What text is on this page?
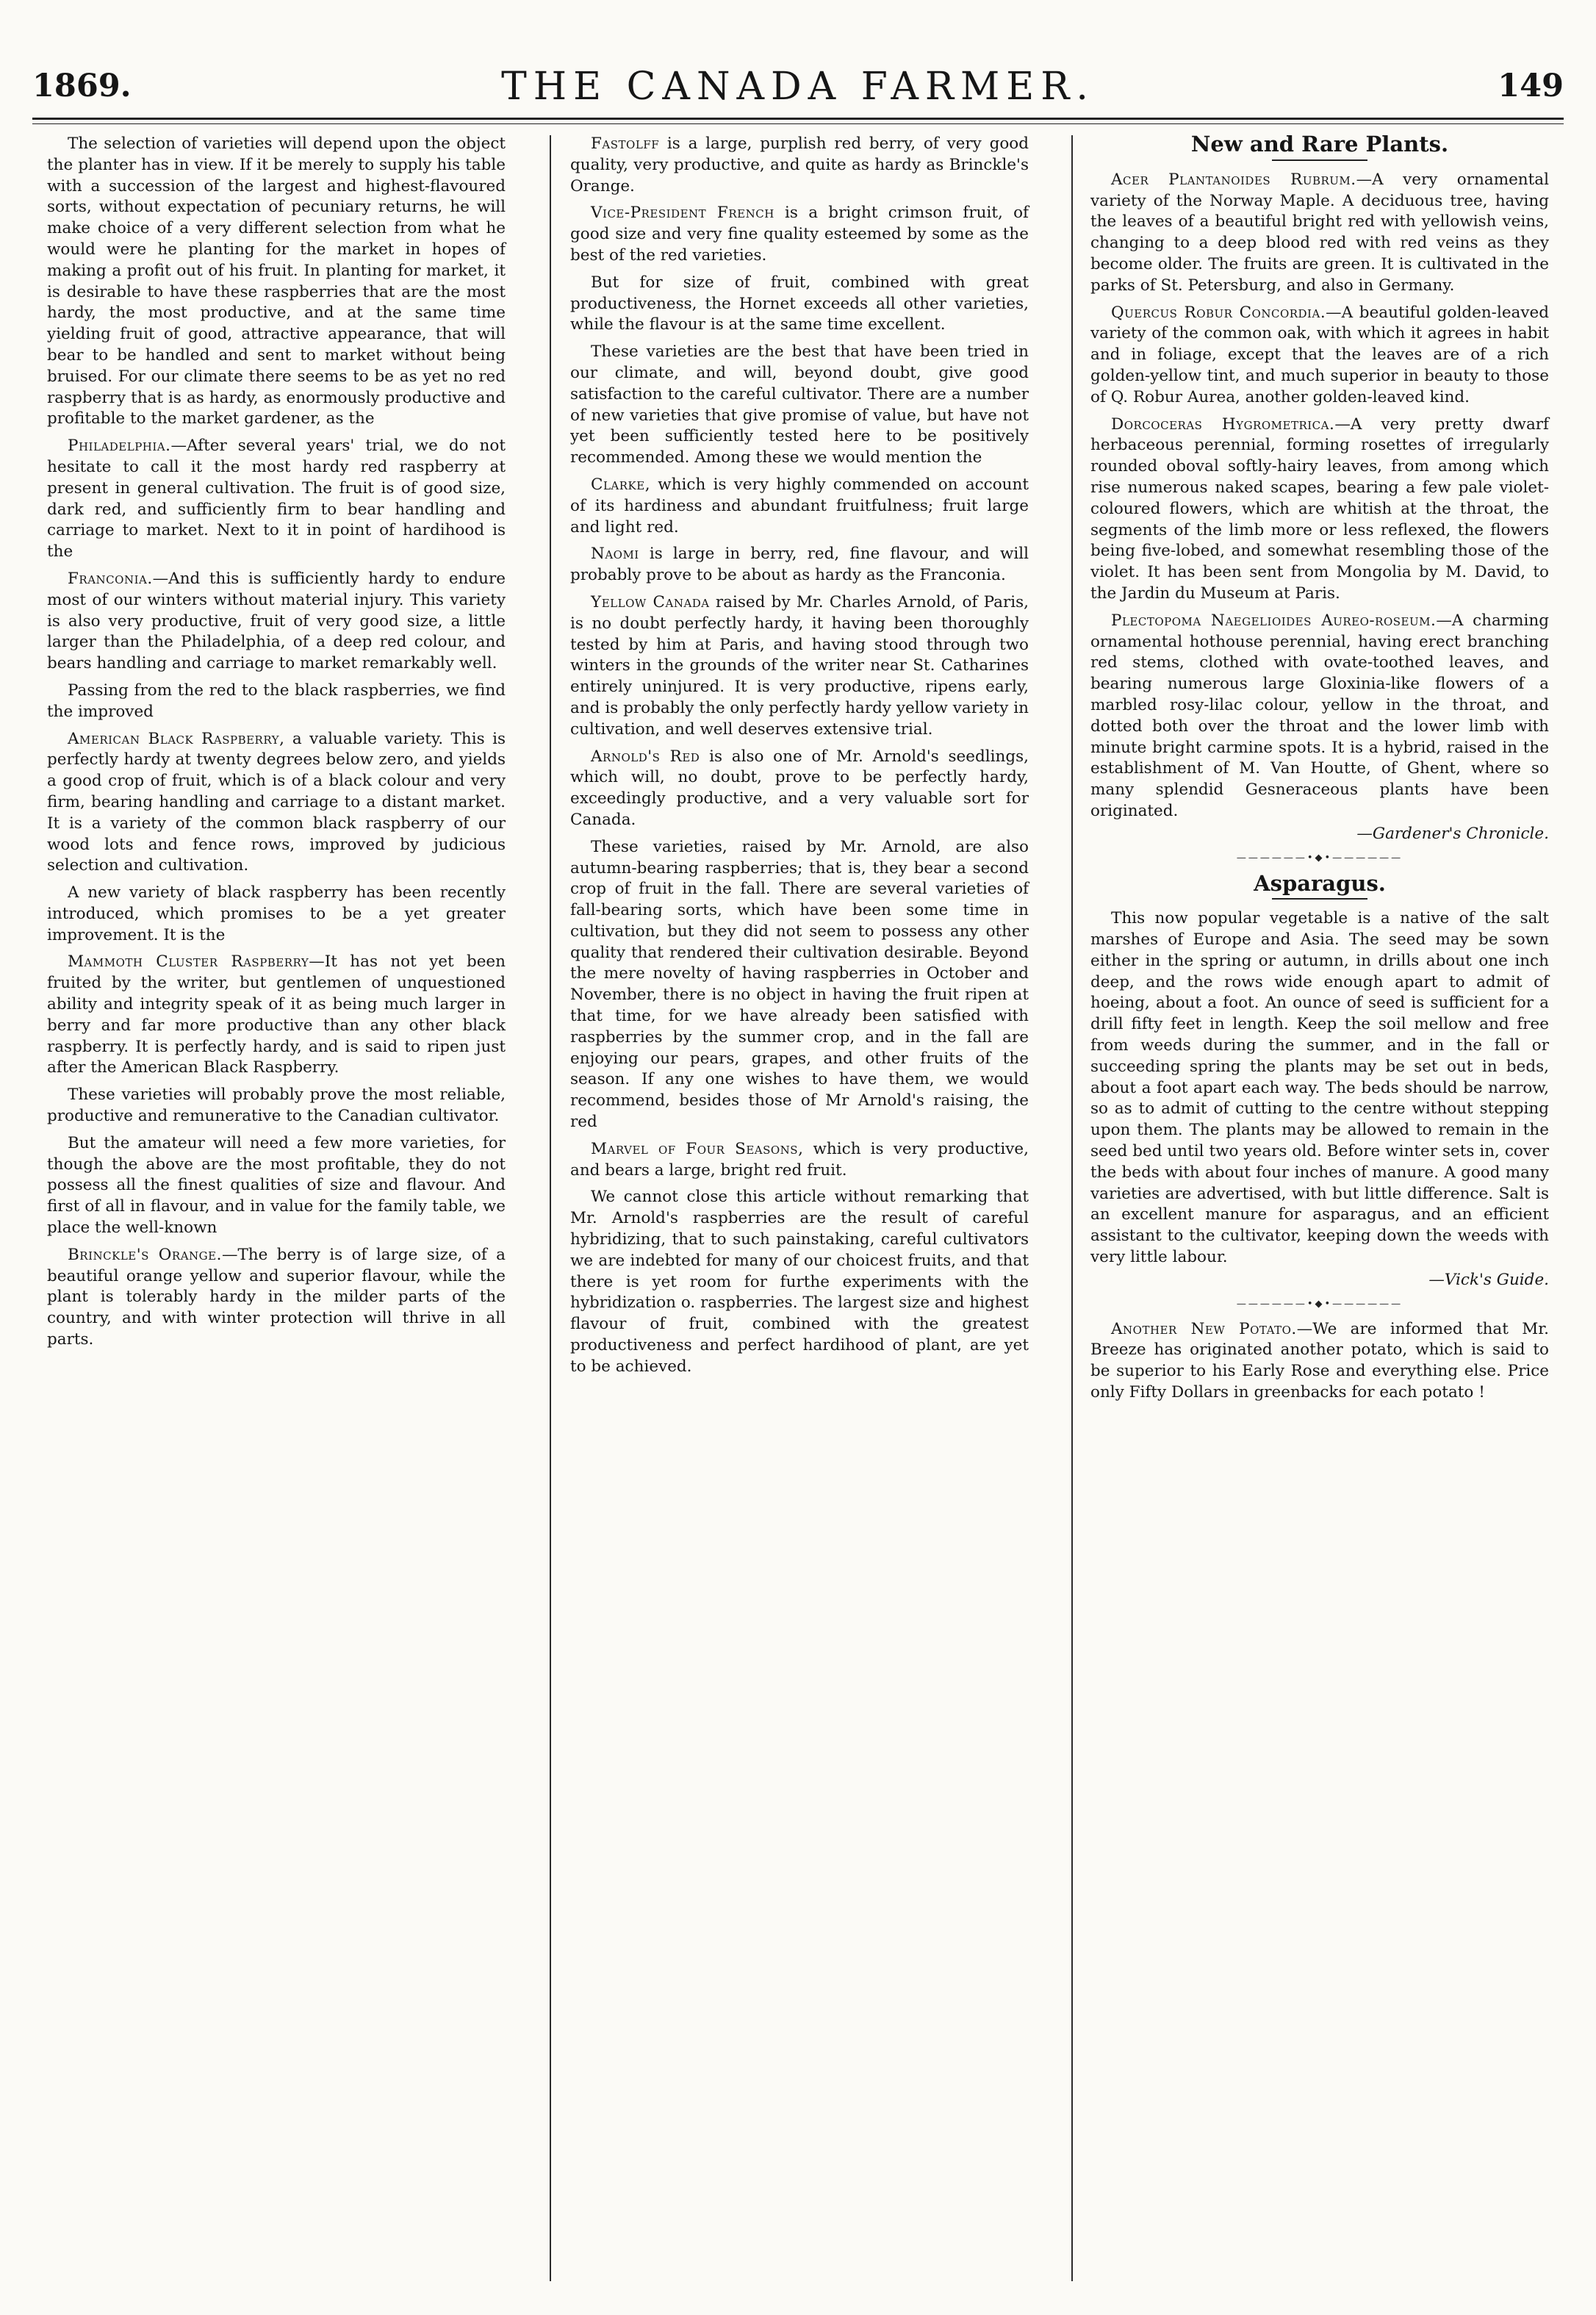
1869.	THE CANADA FARMER.	149

The selection of varieties will depend upon the object the planter has in view. If it be merely to supply his table with a succession of the largest and highest-flavoured sorts, without expectation of pecuniary returns, he will make choice of a very different selection from what he would were he planting for the market in hopes of making a profit out of his fruit. In planting for market, it is desirable to have these raspberries that are the most hardy, the most productive, and at the same time yielding fruit of good, attractive appearance, that will bear to be handled and sent to market without being bruised. For our climate there seems to be as yet no red raspberry that is as hardy, as enormously productive and profitable to the market gardener, as the

Philadelphia.—After several years' trial, we do not hesitate to call it the most hardy red raspberry at present in general cultivation. The fruit is of good size, dark red, and sufficiently firm to bear handling and carriage to market. Next to it in point of hardihood is the

Franconia.—And this is sufficiently hardy to endure most of our winters without material injury. This variety is also very productive, fruit of very good size, a little larger than the Philadelphia, of a deep red colour, and bears handling and carriage to market remarkably well.

Passing from the red to the black raspberries, we find the improved

American Black Raspberry, a valuable variety. This is perfectly hardy at twenty degrees below zero, and yields a good crop of fruit, which is of a black colour and very firm, bearing handling and carriage to a distant market. It is a variety of the common black raspberry of our wood lots and fence rows, improved by judicious selection and cultivation.

A new variety of black raspberry has been recently introduced, which promises to be a yet greater improvement. It is the

Mammoth Cluster Raspberry—It has not yet been fruited by the writer, but gentlemen of unquestioned ability and integrity speak of it as being much larger in berry and far more productive than any other black raspberry. It is perfectly hardy, and is said to ripen just after the American Black Raspberry.

These varieties will probably prove the most reliable, productive and remunerative to the Canadian cultivator.

But the amateur will need a few more varieties, for though the above are the most profitable, they do not possess all the finest qualities of size and flavour. And first of all in flavour, and in value for the family table, we place the well-known

Brinckle's Orange.—The berry is of large size, of a beautiful orange yellow and superior flavour, while the plant is tolerably hardy in the milder parts of the country, and with winter protection will thrive in all parts.

Fastolff is a large, purplish red berry, of very good quality, very productive, and quite as hardy as Brinckle's Orange.

Vice-President French is a bright crimson fruit, of good size and very fine quality esteemed by some as the best of the red varieties.

But for size of fruit, combined with great productiveness, the Hornet exceeds all other varieties, while the flavour is at the same time excellent.

These varieties are the best that have been tried in our climate, and will, beyond doubt, give good satisfaction to the careful cultivator. There are a number of new varieties that give promise of value, but have not yet been sufficiently tested here to be positively recommended. Among these we would mention the

Clarke, which is very highly commended on account of its hardiness and abundant fruitfulness; fruit large and light red.

Naomi is large in berry, red, fine flavour, and will probably prove to be about as hardy as the Franconia.

Yellow Canada raised by Mr. Charles Arnold, of Paris, is no doubt perfectly hardy, it having been thoroughly tested by him at Paris, and having stood through two winters in the grounds of the writer near St. Catharines entirely uninjured. It is very productive, ripens early, and is probably the only perfectly hardy yellow variety in cultivation, and well deserves extensive trial.

Arnold's Red is also one of Mr. Arnold's seedlings, which will, no doubt, prove to be perfectly hardy, exceedingly productive, and a very valuable sort for Canada.

These varieties, raised by Mr. Arnold, are also autumn-bearing raspberries; that is, they bear a second crop of fruit in the fall. There are several varieties of fall-bearing sorts, which have been some time in cultivation, but they did not seem to possess any other quality that rendered their cultivation desirable. Beyond the mere novelty of having raspberries in October and November, there is no object in having the fruit ripen at that time, for we have already been satisfied with raspberries by the summer crop, and in the fall are enjoying our pears, grapes, and other fruits of the season. If any one wishes to have them, we would recommend, besides those of Mr Arnold's raising, the red

Marvel of Four Seasons, which is very productive, and bears a large, bright red fruit.

We cannot close this article without remarking that Mr. Arnold's raspberries are the result of careful hybridizing, that to such painstaking, careful cultivators we are indebted for many of our choicest fruits, and that there is yet room for furthe experiments with the hybridization o. raspberries. The largest size and highest flavour of fruit, combined with the greatest productiveness and perfect hardihood of plant, are yet to be achieved.

New and Rare Plants.

Acer Plantanoides Rubrum.—A very ornamental variety of the Norway Maple. A deciduous tree, having the leaves of a beautiful bright red with yellowish veins, changing to a deep blood red with red veins as they become older. The fruits are green. It is cultivated in the parks of St. Petersburg, and also in Germany.

Quercus Robur Concordia.—A beautiful golden-leaved variety of the common oak, with which it agrees in habit and in foliage, except that the leaves are of a rich golden-yellow tint, and much superior in beauty to those of Q. Robur Aurea, another golden-leaved kind.

Dorcoceras Hygrometrica.—A very pretty dwarf herbaceous perennial, forming rosettes of irregularly rounded oboval softly-hairy leaves, from among which rise numerous naked scapes, bearing a few pale violet-coloured flowers, which are whitish at the throat, the segments of the limb more or less reflexed, the flowers being five-lobed, and somewhat resembling those of the violet. It has been sent from Mongolia by M. David, to the Jardin du Museum at Paris.

Plectopoma Naegelioides Aureo-roseum.—A charming ornamental hothouse perennial, having erect branching red stems, clothed with ovate-toothed leaves, and bearing numerous large Gloxinia-like flowers of a marbled rosy-lilac colour, yellow in the throat, and dotted both over the throat and the lower limb with minute bright carmine spots. It is a hybrid, raised in the establishment of M. Van Houtte, of Ghent, where so many splendid Gesneraceous plants have been originated.

—Gardener's Chronicle.

——————•◆•——————
Asparagus.

This now popular vegetable is a native of the salt marshes of Europe and Asia. The seed may be sown either in the spring or autumn, in drills about one inch deep, and the rows wide enough apart to admit of hoeing, about a foot. An ounce of seed is sufficient for a drill fifty feet in length. Keep the soil mellow and free from weeds during the summer, and in the fall or succeeding spring the plants may be set out in beds, about a foot apart each way. The beds should be narrow, so as to admit of cutting to the centre without stepping upon them. The plants may be allowed to remain in the seed bed until two years old. Before winter sets in, cover the beds with about four inches of manure. A good many varieties are advertised, with but little difference. Salt is an excellent manure for asparagus, and an efficient assistant to the cultivator, keeping down the weeds with very little labour.

—Vick's Guide.

——————•◆•——————

Another New Potato.—We are informed that Mr. Breeze has originated another potato, which is said to be superior to his Early Rose and everything else. Price only Fifty Dollars in greenbacks for each potato !
